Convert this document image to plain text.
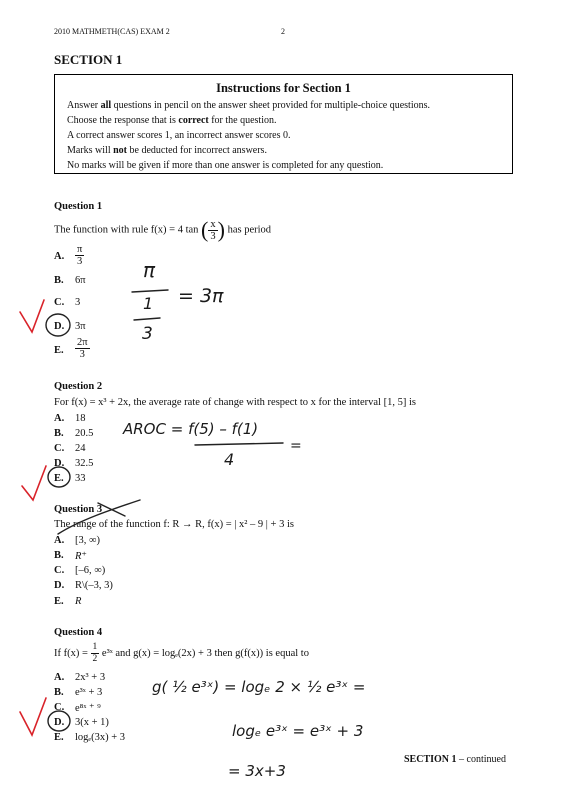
2010 MATHMETH(CAS) EXAM 2	2
SECTION 1
Instructions for Section 1
Answer all questions in pencil on the answer sheet provided for multiple-choice questions.
Choose the response that is correct for the question.
A correct answer scores 1, an incorrect answer scores 0.
Marks will not be deducted for incorrect answers.
No marks will be given if more than one answer is completed for any question.
Question 1
The function with rule f(x) = 4 tan ( $\frac{x}{3}$ ) has period
A. $\frac{\pi}{3}$
B. 6π
C. 3
D. 3π
E. $\frac{2\pi}{3}$
Question 2
For f(x) = x³ + 2x, the average rate of change with respect to x for the interval [1, 5] is
A. 18
B. 20.5
C. 24
D. 32.5
E. 33
Question 3
The range of the function f: R → R, f(x) = | x² – 9 | + 3 is
A. [3, ∞)
B. R⁺
C. [–6, ∞)
D. R\(–3, 3)
E. R
Question 4
If $f(x) = \frac{1}{2}$ e³ˣ and g(x) = logₑ(2x) + 3 then g(f(x)) is equal to
A. 2x³ + 3
B. e³ˣ + 3
C. e⁸ˣ ⁺ ⁹
D. 3(x + 1)
E. logₑ(3x) + 3
SECTION 1 – continued
π
1
3
= 3π
AROC = f(5) – f(1)
4
=
g( ½ e³ˣ) = logₑ 2 × ½ e³ˣ =
logₑ e³ˣ = e³ˣ + 3
= 3x+3
